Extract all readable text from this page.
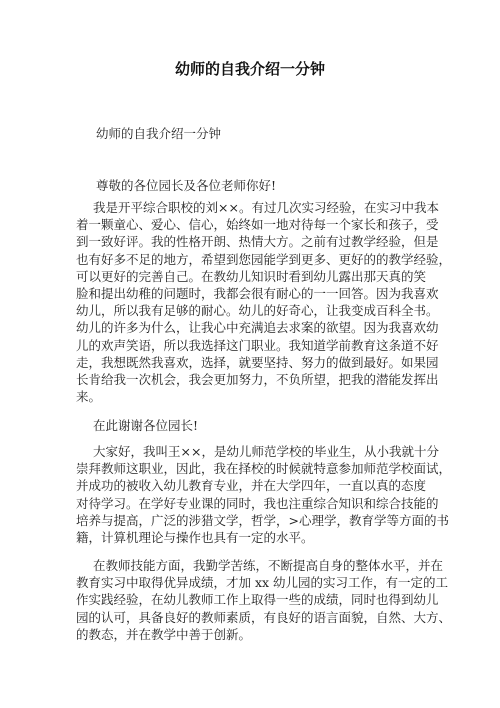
幼师的自我介绍一分钟
幼师的自我介绍一分钟
尊敬的各位园长及各位老师你好!
我是开平综合职校的刘××。有过几次实习经验，在实习中我本
着一颗童心、爱心、信心，始终如一地对待每一个家长和孩子，受
到一致好评。我的性格开朗、热情大方。之前有过教学经验，但是
也有好多不足的地方，希望到您园能学到更多、更好的的教学经验，
可以更好的完善自己。在教幼儿知识时看到幼儿露出那天真的笑
脸和提出幼稚的问题时，我都会很有耐心的一一回答。因为我喜欢
幼儿，所以我有足够的耐心。幼儿的好奇心，让我变成百科全书。
幼儿的许多为什么，让我心中充满追去求案的欲望。因为我喜欢幼
儿的欢声笑语，所以我选择这门职业。我知道学前教育这条道不好
走，我想既然我喜欢，选择，就要坚持、努力的做到最好。如果园
长肯给我一次机会，我会更加努力，不负所望，把我的潜能发挥出
来。
在此谢谢各位园长!
大家好，我叫王××，是幼儿师范学校的毕业生，从小我就十分
崇拜教师这职业，因此，我在择校的时候就特意参加师范学校面试，
并成功的被收入幼儿教育专业，并在大学四年，一直以真的态度
对待学习。在学好专业课的同时，我也注重综合知识和综合技能的
培养与提高，广泛的涉猎文学，哲学，>心理学，教育学等方面的书
籍，计算机理论与操作也具有一定的水平。
在教师技能方面，我勤学苦练，不断提高自身的整体水平，并在
教育实习中取得优异成绩，才加 xx 幼儿园的实习工作，有一定的工
作实践经验，在幼儿教师工作上取得一些的成绩，同时也得到幼儿
园的认可，具备良好的教师素质，有良好的语言面貌，自然、大方、
的教态，并在教学中善于创新。
